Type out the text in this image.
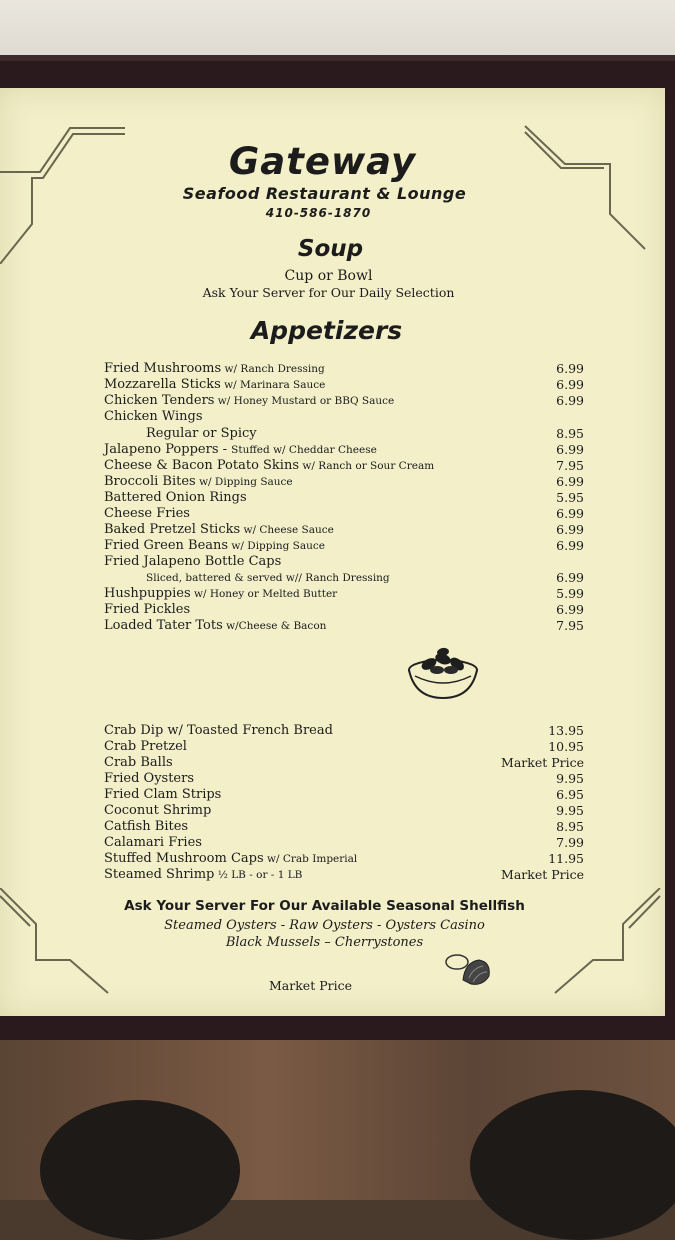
Gateway
Seafood Restaurant & Lounge
410-586-1870
Soup
Cup or Bowl
Ask Your Server for Our Daily Selection
Appetizers
Fried Mushrooms w/ Ranch Dressing	6.99
Mozzarella Sticks w/ Marinara Sauce	6.99
Chicken Tenders w/ Honey Mustard or BBQ Sauce	6.99
Chicken Wings
Regular or Spicy	8.95
Jalapeno Poppers - Stuffed w/ Cheddar Cheese	6.99
Cheese & Bacon Potato Skins w/ Ranch or Sour Cream	7.95
Broccoli Bites w/ Dipping Sauce	6.99
Battered Onion Rings	5.95
Cheese Fries	6.99
Baked Pretzel Sticks w/ Cheese Sauce	6.99
Fried Green Beans w/ Dipping Sauce	6.99
Fried Jalapeno Bottle Caps
Sliced, battered & served w// Ranch Dressing	6.99
Hushpuppies w/ Honey or Melted Butter	5.99
Fried Pickles	6.99
Loaded Tater Tots w/Cheese & Bacon	7.95
Crab Dip w/ Toasted French Bread	13.95
Crab Pretzel	10.95
Crab Balls	Market Price
Fried Oysters	9.95
Fried Clam Strips	6.95
Coconut Shrimp	9.95
Catfish Bites	8.95
Calamari Fries	7.99
Stuffed Mushroom Caps w/ Crab Imperial	11.95
Steamed Shrimp ½ LB - or - 1 LB	Market Price
Ask Your Server For Our Available Seasonal Shellfish
Steamed Oysters - Raw Oysters - Oysters Casino
Black Mussels – Cherrystones
Market Price
